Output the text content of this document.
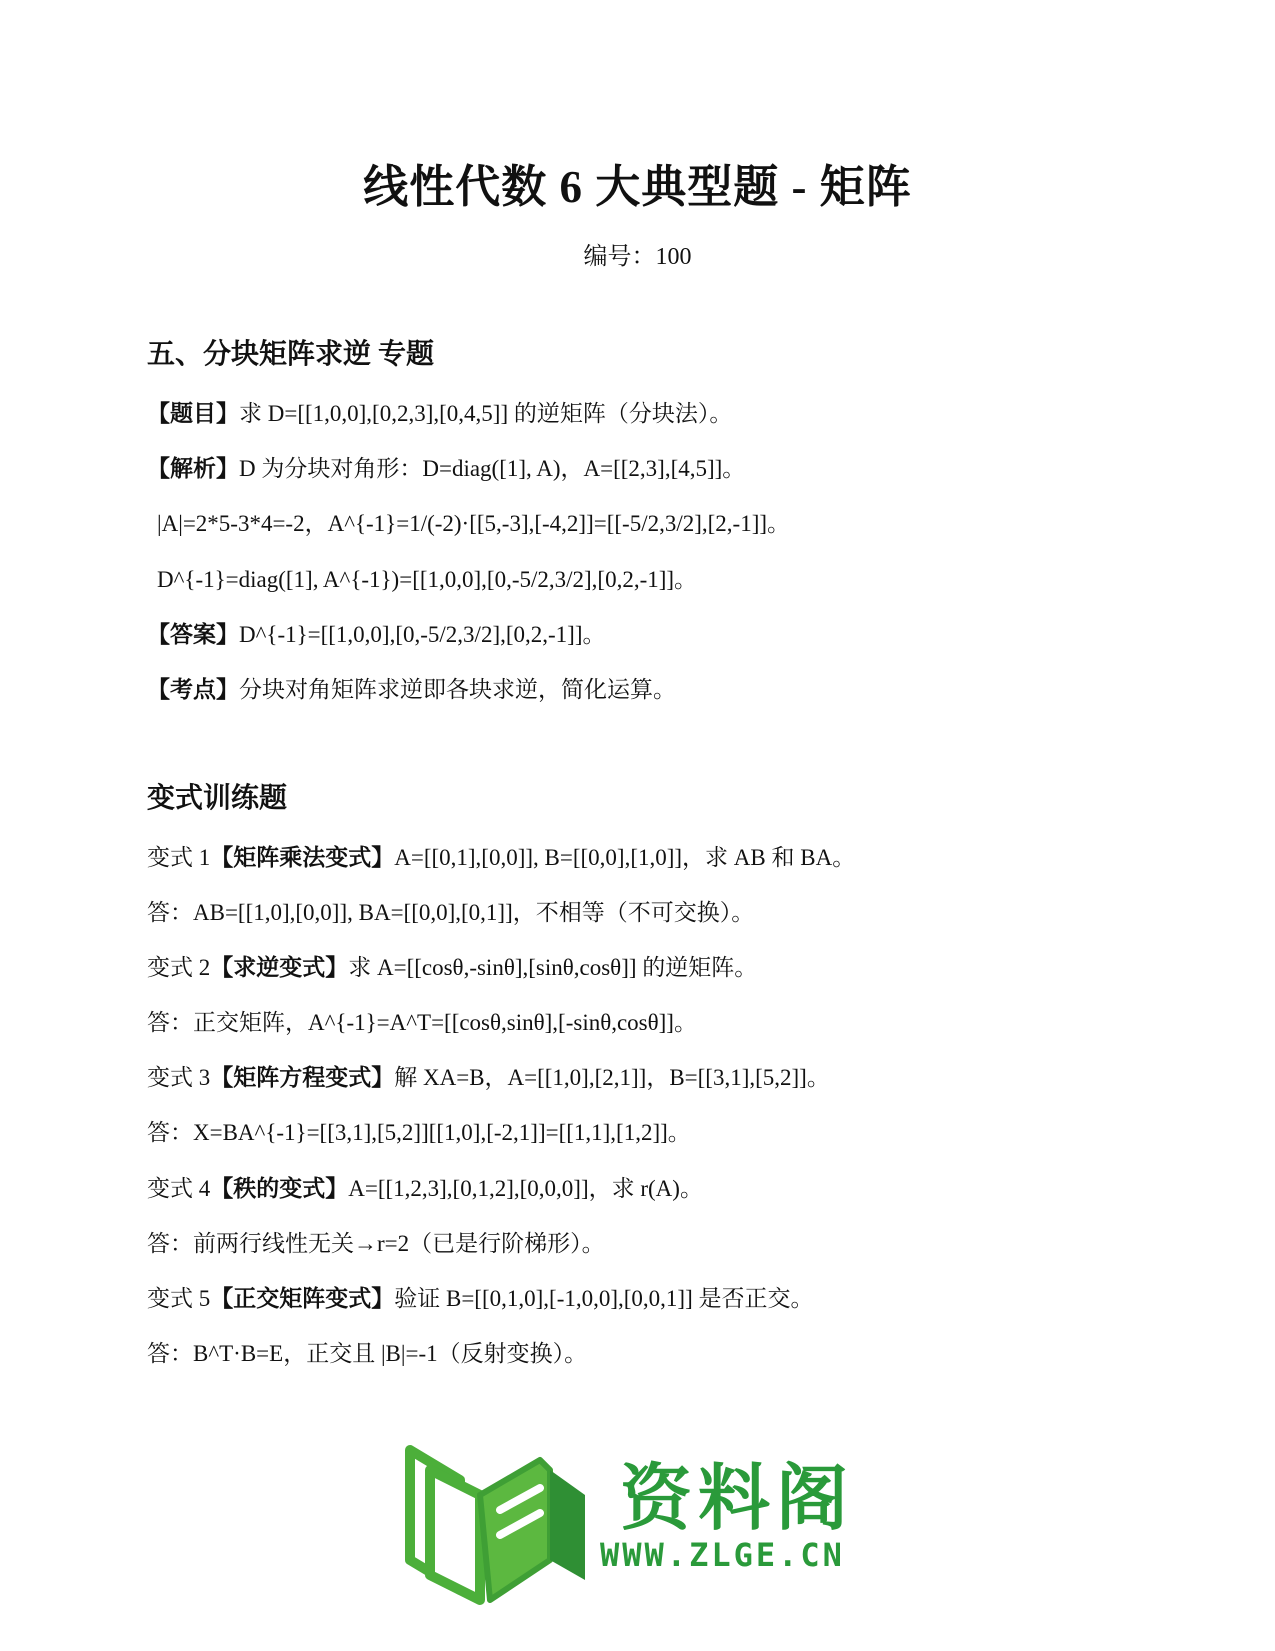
线性代数 6 大典型题 - 矩阵
编号：100
五、分块矩阵求逆 专题
【题目】求 D=[[1,0,0],[0,2,3],[0,4,5]] 的逆矩阵（分块法）。
【解析】D 为分块对角形：D=diag([1], A)，A=[[2,3],[4,5]]。
|A|=2*5-3*4=-2，A^{-1}=1/(-2)·[[5,-3],[-4,2]]=[[-5/2,3/2],[2,-1]]。
D^{-1}=diag([1], A^{-1})=[[1,0,0],[0,-5/2,3/2],[0,2,-1]]。
【答案】D^{-1}=[[1,0,0],[0,-5/2,3/2],[0,2,-1]]。
【考点】分块对角矩阵求逆即各块求逆，简化运算。
变式训练题
变式 1【矩阵乘法变式】A=[[0,1],[0,0]], B=[[0,0],[1,0]]，求 AB 和 BA。
答：AB=[[1,0],[0,0]], BA=[[0,0],[0,1]]，不相等（不可交换）。
变式 2【求逆变式】求 A=[[cosθ,-sinθ],[sinθ,cosθ]] 的逆矩阵。
答：正交矩阵，A^{-1}=A^T=[[cosθ,sinθ],[-sinθ,cosθ]]。
变式 3【矩阵方程变式】解 XA=B，A=[[1,0],[2,1]]，B=[[3,1],[5,2]]。
答：X=BA^{-1}=[[3,1],[5,2]][[1,0],[-2,1]]=[[1,1],[1,2]]。
变式 4【秩的变式】A=[[1,2,3],[0,1,2],[0,0,0]]，求 r(A)。
答：前两行线性无关→r=2（已是行阶梯形）。
变式 5【正交矩阵变式】验证 B=[[0,1,0],[-1,0,0],[0,0,1]] 是否正交。
答：B^T·B=E，正交且 |B|=-1（反射变换）。
资料阁
WWW.ZLGE.CN
